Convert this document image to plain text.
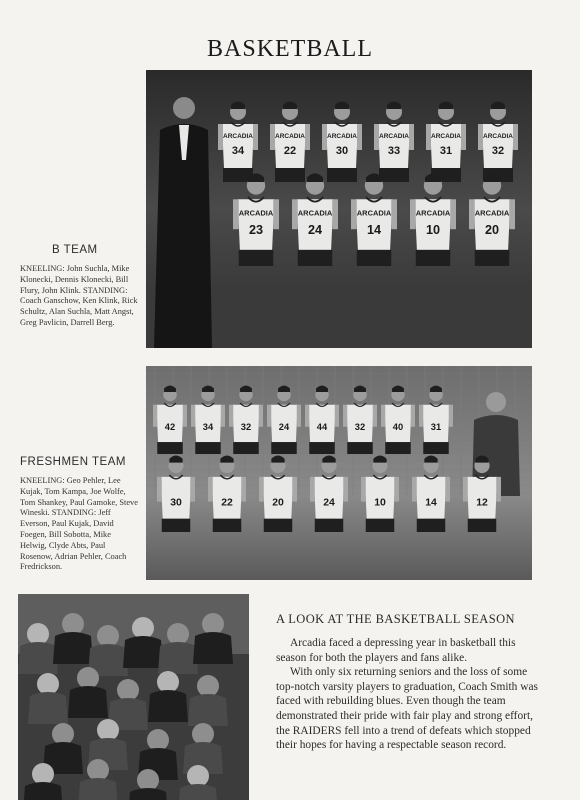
BASKETBALL
ARCADIA
34
ARCADIA
22
ARCADIA
30
ARCADIA
33
ARCADIA
31
ARCADIA
32
ARCADIA
23
ARCADIA
24
ARCADIA
14
ARCADIA
10
ARCADIA
20
B TEAM
KNEELING: John Suchla, Mike Klonecki, Dennis Klonecki, Bill Flury, John Klink. STANDING: Coach Ganschow, Ken Klink, Rick Schultz, Alan Suchla, Matt Angst, Greg Pavlicin, Darrell Berg.
42	34	32	24	44	32	40	31
30	22	20	24	10	14	12
FRESHMEN TEAM
KNEELING: Geo Pehler, Lee Kujak, Tom Kampa, Joe Wolfe, Tom Shankey, Paul Gamoke, Steve Wineski. STANDING: Jeff Everson, Paul Kujak, David Foegen, Bill Sobotta, Mike Helwig, Clyde Abts, Paul Rosenow, Adrian Pehler, Coach Fredrickson.
A LOOK AT THE BASKETBALL SEASON

Arcadia faced a depressing year in basketball this season for both the players and fans alike.

With only six returning seniors and the loss of some top-notch varsity players to graduation, Coach Smith was faced with rebuilding blues. Even though the team demonstrated their pride with fair play and strong effort, the RAIDERS fell into a trend of defeats which stopped their hopes for having a respectable season record.
